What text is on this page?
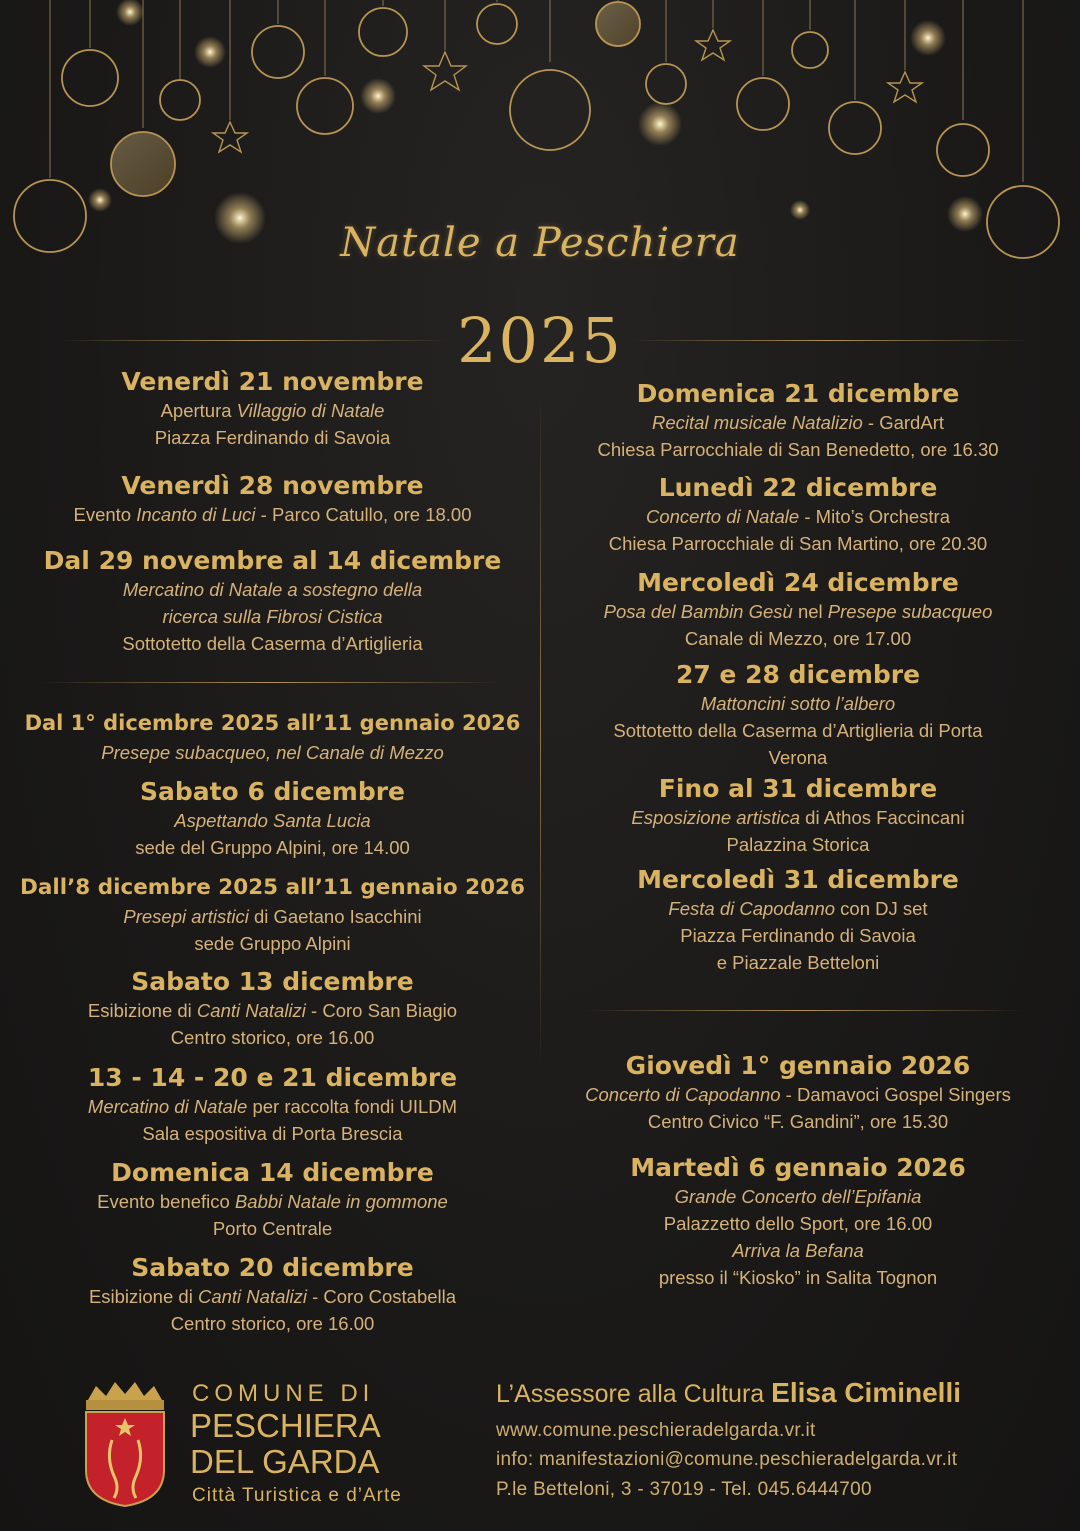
Natale a Peschiera
2025
Venerdì 21 novembre
Apertura Villaggio di Natale
Piazza Ferdinando di Savoia
Venerdì 28 novembre
Evento Incanto di Luci - Parco Catullo, ore 18.00
Dal 29 novembre al 14 dicembre
Mercatino di Natale a sostegno della
ricerca sulla Fibrosi Cistica
Sottotetto della Caserma d’Artiglieria
Dal 1° dicembre 2025 all’11 gennaio 2026
Presepe subacqueo, nel Canale di Mezzo
Sabato 6 dicembre
Aspettando Santa Lucia
sede del Gruppo Alpini, ore 14.00
Dall’8 dicembre 2025 all’11 gennaio 2026
Presepi artistici di Gaetano Isacchini
sede Gruppo Alpini
Sabato 13 dicembre
Esibizione di Canti Natalizi - Coro San Biagio
Centro storico, ore 16.00
13 - 14 - 20 e 21 dicembre
Mercatino di Natale per raccolta fondi UILDM
Sala espositiva di Porta Brescia
Domenica 14 dicembre
Evento benefico Babbi Natale in gommone
Porto Centrale
Sabato 20 dicembre
Esibizione di Canti Natalizi - Coro Costabella
Centro storico, ore 16.00
Domenica 21 dicembre
Recital musicale Natalizio - GardArt
Chiesa Parrocchiale di San Benedetto, ore 16.30
Lunedì 22 dicembre
Concerto di Natale - Mito’s Orchestra
Chiesa Parrocchiale di San Martino, ore 20.30
Mercoledì 24 dicembre
Posa del Bambin Gesù nel Presepe subacqueo
Canale di Mezzo, ore 17.00
27 e 28 dicembre
Mattoncini sotto l’albero
Sottotetto della Caserma d’Artiglieria di Porta
Verona
Fino al 31 dicembre
Esposizione artistica di Athos Faccincani
Palazzina Storica
Mercoledì 31 dicembre
Festa di Capodanno con DJ set
Piazza Ferdinando di Savoia
e Piazzale Betteloni
Giovedì 1° gennaio 2026
Concerto di Capodanno - Damavoci Gospel Singers
Centro Civico “F. Gandini”, ore 15.30
Martedì 6 gennaio 2026
Grande Concerto dell’Epifania
Palazzetto dello Sport, ore 16.00
Arriva la Befana
presso il “Kiosko” in Salita Tognon
COMUNE DI
PESCHIERA
DEL GARDA
Città Turistica e d’Arte
L’Assessore alla Cultura Elisa Ciminelli
www.comune.peschieradelgarda.vr.it
info: manifestazioni@comune.peschieradelgarda.vr.it
P.le Betteloni, 3 - 37019 - Tel. 045.6444700
